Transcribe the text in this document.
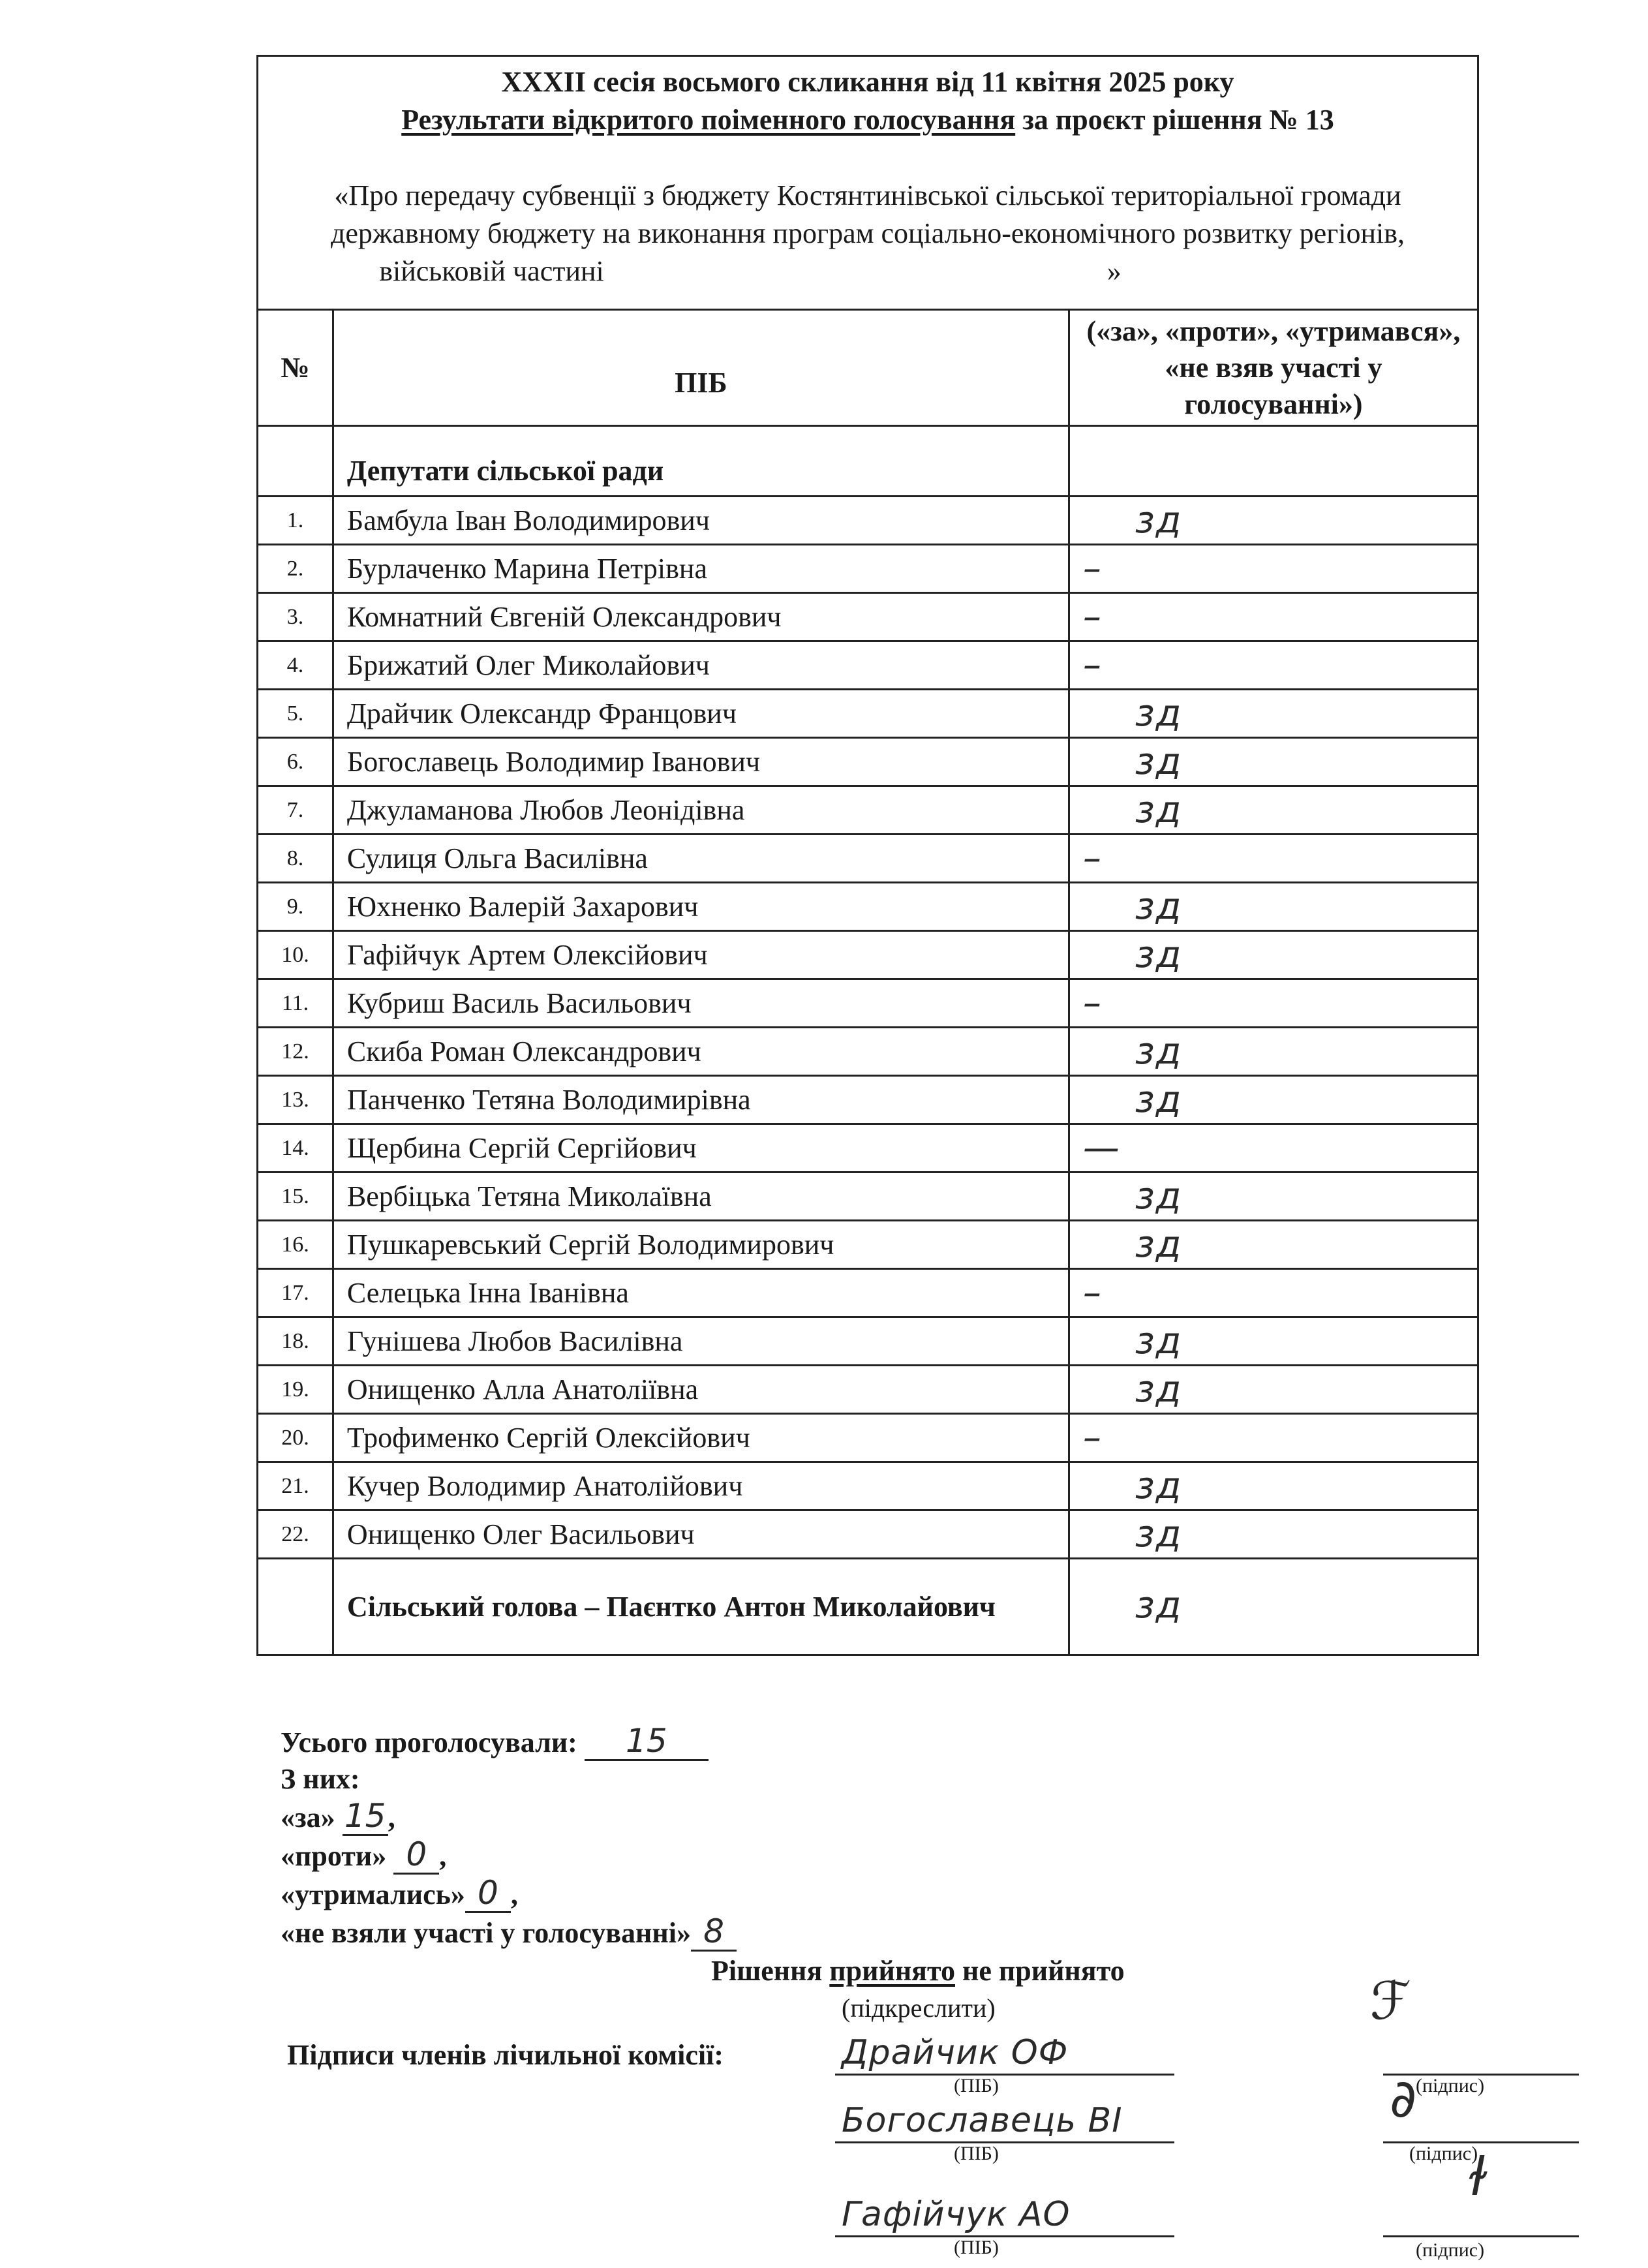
XXXII сесія восьмого скликання від 11 квітня 2025 року
Результати відкритого поіменного голосування за проєкт рішення № 13
«Про передачу субвенції з бюджету Костянтинівської сільської територіальної громади
державному бюджету на виконання програм соціально-економічного розвитку регіонів,
військовій частині	»
№	ПІБ	(«за», «проти», «утримався», «не взяв участі у голосуванні»)
	Депутати сільської ради	
1.	Бамбула Іван Володимирович	зд
2.	Бурлаченко Марина Петрівна	–
3.	Комнатний Євгеній Олександрович	–
4.	Брижатий Олег Миколайович	–
5.	Драйчик Олександр Францович	зд
6.	Богославець Володимир Іванович	зд
7.	Джуламанова Любов Леонідівна	зд
8.	Сулиця Ольга Василівна	–
9.	Юхненко Валерій Захарович	зд
10.	Гафійчук Артем Олексійович	зд
11.	Кубриш Василь Васильович	–
12.	Скиба Роман Олександрович	зд
13.	Панченко Тетяна Володимирівна	зд
14.	Щербина Сергій Сергійович	—
15.	Вербіцька Тетяна Миколаївна	зд
16.	Пушкаревський Сергій Володимирович	зд
17.	Селецька Інна Іванівна	–
18.	Гунішева Любов Василівна	зд
19.	Онищенко Алла Анатоліївна	зд
20.	Трофименко Сергій Олексійович	–
21.	Кучер Володимир Анатолійович	зд
22.	Онищенко Олег Васильович	зд
	Сільський голова – Паєнтко Антон Миколайович	зд
Усього проголосували: 15
З них:
«за» 15,
«проти» 0 ,
«утримались» 0 ,
«не взяли участі у голосуванні» 8
Рішення прийнято не прийнято
(підкреслити)
Підписи членів лічильної комісії:	Драйчик ОФ
(ПІБ)
ℱ
(підпис)
Богославець ВІ
(ПІБ)
∂
(підпис)
Гафійчук АО
(ПІБ)
ɫ
(підпис)
